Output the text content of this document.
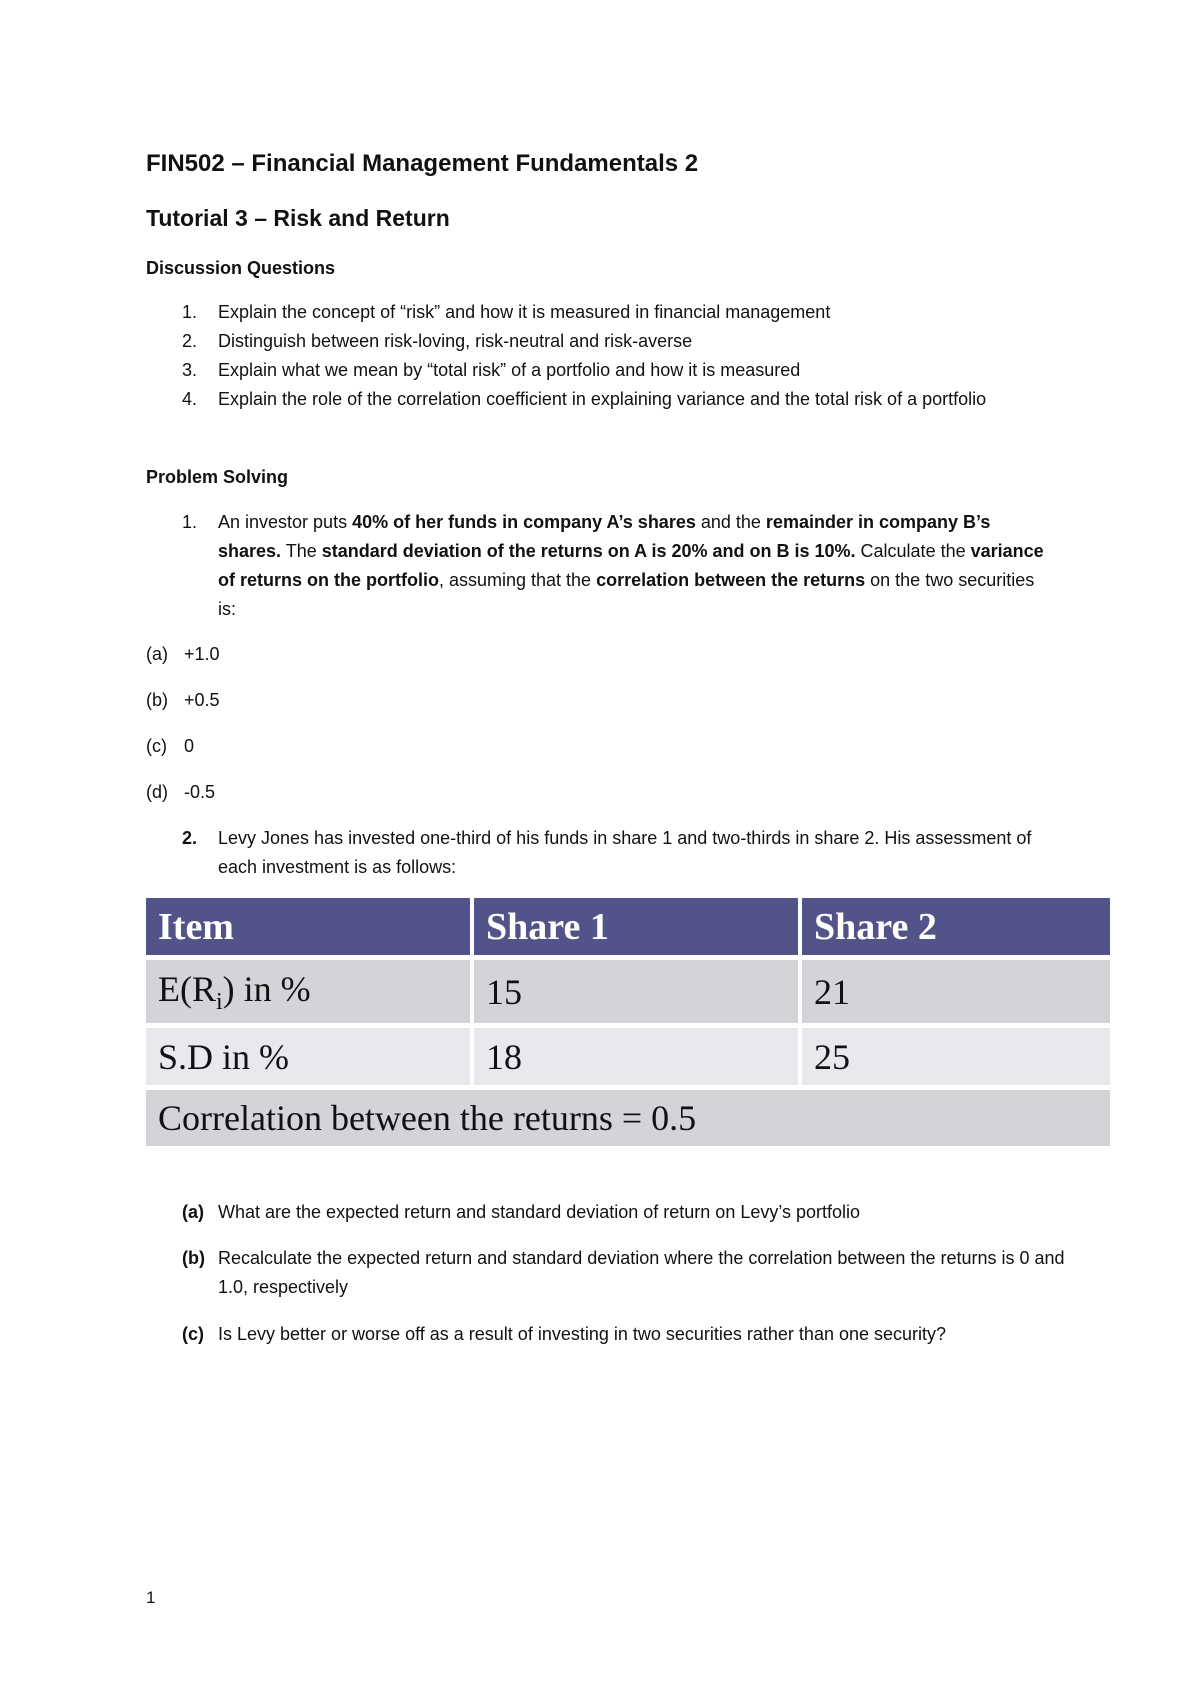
FIN502 – Financial Management Fundamentals 2
Tutorial 3 – Risk and Return
Discussion Questions
1. Explain the concept of “risk” and how it is measured in financial management
2. Distinguish between risk-loving, risk-neutral and risk-averse
3. Explain what we mean by “total risk” of a portfolio and how it is measured
4. Explain the role of the correlation coefficient in explaining variance and the total risk of a portfolio
Problem Solving
1.	An investor puts 40% of her funds in company A’s shares and the remainder in company B’s shares. The standard deviation of the returns on A is 20% and on B is 10%. Calculate the variance of returns on the portfolio, assuming that the correlation between the returns on the two securities is:
(a) +1.0
(b) +0.5
(c) 0
(d) -0.5
2.	Levy Jones has invested one-third of his funds in share 1 and two-thirds in share 2. His assessment of each investment is as follows:
Item	Share 1	Share 2

$E(R_i)$ in %	15	21

S.D in %	18	25

Correlation between the returns = 0.5		
(a) What are the expected return and standard deviation of return on Levy’s portfolio
(b) Recalculate the expected return and standard deviation where the correlation between the returns is 0 and 1.0, respectively
(c) Is Levy better or worse off as a result of investing in two securities rather than one security?
1
